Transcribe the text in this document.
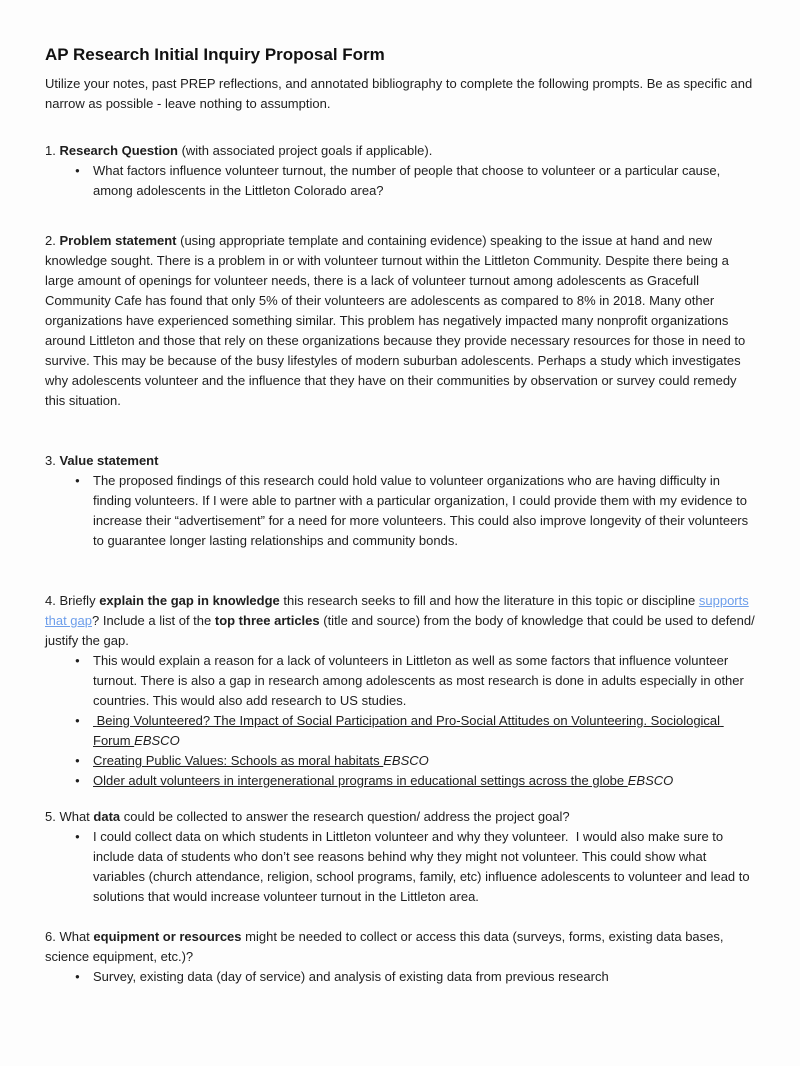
AP Research Initial Inquiry Proposal Form

Utilize your notes, past PREP reflections, and annotated bibliography to complete the following prompts. Be as specific and narrow as possible - leave nothing to assumption.

1. Research Question (with associated project goals if applicable).

● What factors influence volunteer turnout, the number of people that choose to volunteer or a particular cause, among adolescents in the Littleton Colorado area?

2. Problem statement (using appropriate template and containing evidence) speaking to the issue at hand and new knowledge sought. There is a problem in or with volunteer turnout within the Littleton Community. Despite there being a large amount of openings for volunteer needs, there is a lack of volunteer turnout among adolescents as Gracefull Community Cafe has found that only 5% of their volunteers are adolescents as compared to 8% in 2018. Many other organizations have experienced something similar. This problem has negatively impacted many nonprofit organizations around Littleton and those that rely on these organizations because they provide necessary resources for those in need to survive. This may be because of the busy lifestyles of modern suburban adolescents. Perhaps a study which investigates why adolescents volunteer and the influence that they have on their communities by observation or survey could remedy this situation.

3. Value statement

● The proposed findings of this research could hold value to volunteer organizations who are having difficulty in finding volunteers. If I were able to partner with a particular organization, I could provide them with my evidence to increase their “advertisement” for a need for more volunteers. This could also improve longevity of their volunteers to guarantee longer lasting relationships and community bonds.

4. Briefly explain the gap in knowledge this research seeks to fill and how the literature in this topic or discipline supports that gap? Include a list of the top three articles (title and source) from the body of knowledge that could be used to defend/ justify the gap.

● This would explain a reason for a lack of volunteers in Littleton as well as some factors that influence volunteer turnout. There is also a gap in research among adolescents as most research is done in adults especially in other countries. This would also add research to US studies.
●  Being Volunteered? The Impact of Social Participation and Pro-Social Attitudes on Volunteering. Sociological Forum EBSCO
● Creating Public Values: Schools as moral habitats EBSCO
● Older adult volunteers in intergenerational programs in educational settings across the globe EBSCO

5. What data could be collected to answer the research question/ address the project goal?

● I could collect data on which students in Littleton volunteer and why they volunteer.  I would also make sure to include data of students who don’t see reasons behind why they might not volunteer. This could show what variables (church attendance, religion, school programs, family, etc) influence adolescents to volunteer and lead to solutions that would increase volunteer turnout in the Littleton area.

6. What equipment or resources might be needed to collect or access this data (surveys, forms, existing data bases, science equipment, etc.)?

● Survey, existing data (day of service) and analysis of existing data from previous research
